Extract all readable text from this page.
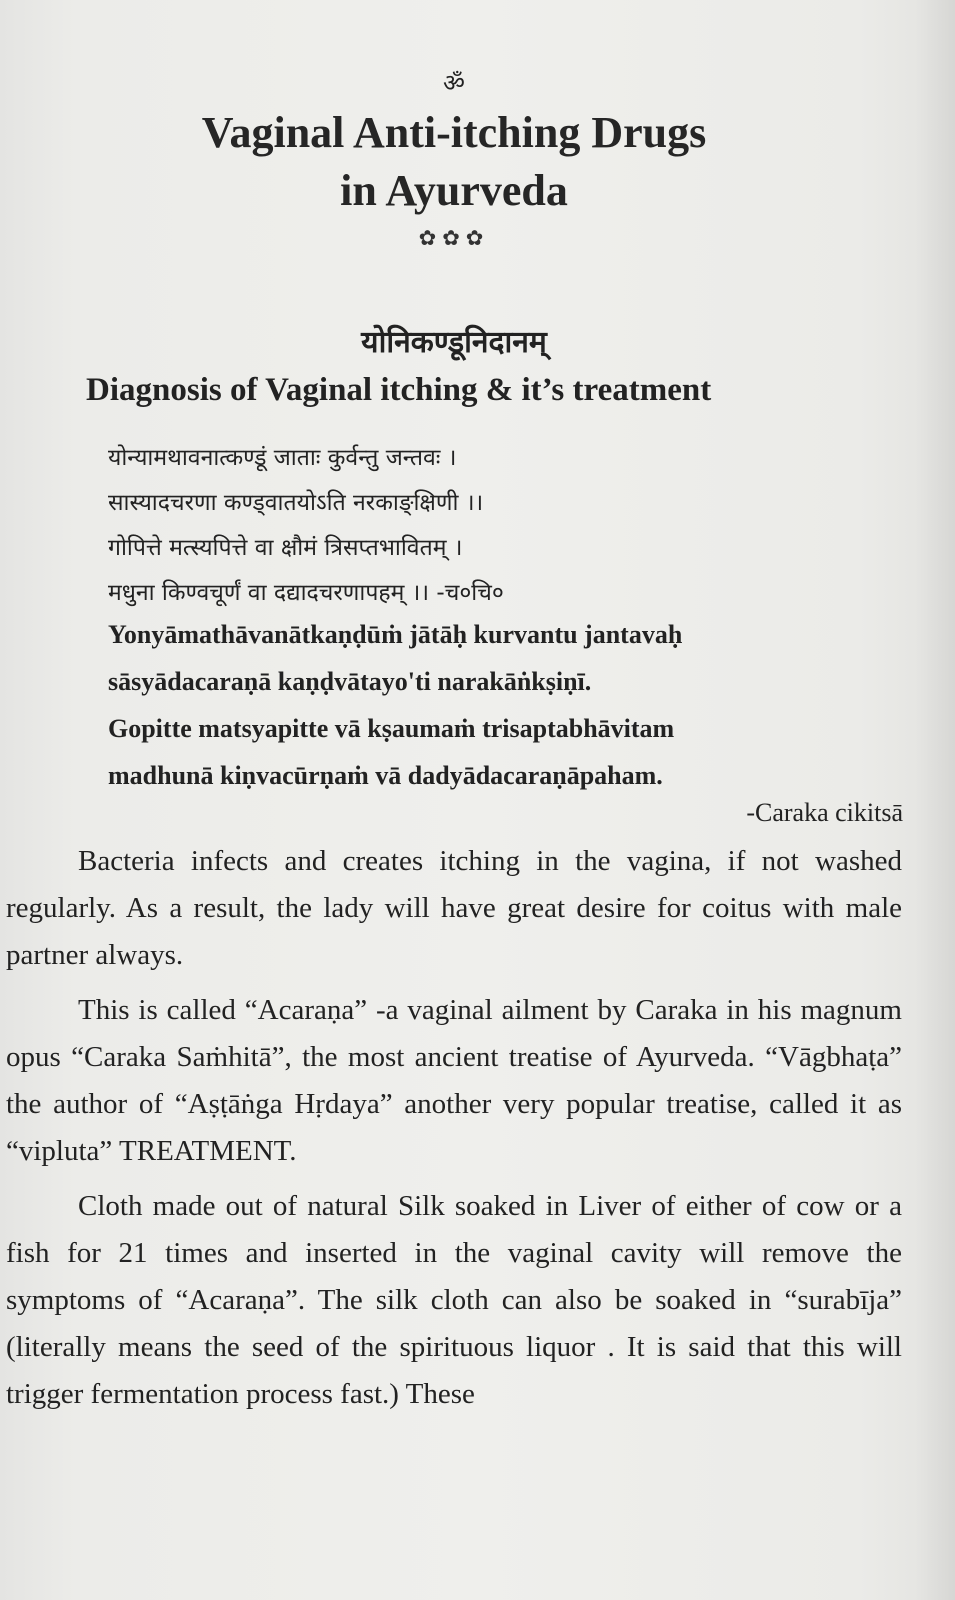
ॐ
Vaginal Anti-itching Drugs
in Ayurveda
✿✿✿
योनिकण्डूनिदानम्
Diagnosis of Vaginal itching & it’s treatment
योन्यामथावनात्कण्डूं जाताः कुर्वन्तु जन्तवः ।
सास्यादचरणा कण्ड्वातयोऽति नरकाङ्क्षिणी ।।
गोपित्ते मत्स्यपित्ते वा क्षौमं त्रिसप्तभावितम् ।
मधुना किण्वचूर्णं वा दद्यादचरणापहम् ।। -च०चि०
Yonyāmathāvanātkaṇḍūṁ jātāḥ kurvantu jantavaḥ
sāsyādacaraṇā kaṇḍvātayo'ti narakāṅkṣiṇī.
Gopitte matsyapitte vā kṣaumaṁ trisaptabhāvitam
madhunā kiṇvacūrṇaṁ vā dadyādacaraṇāpaham.
-Caraka cikitsā

Bacteria infects and creates itching in the vagina, if not washed regularly. As a result, the lady will have great desire for coitus with male partner always.

This is called “Acaraṇa” -a vaginal ailment by Caraka in his magnum opus “Caraka Saṁhitā”, the most ancient treatise of Ayurveda. “Vāgbhaṭa” the author of “Aṣṭāṅga Hṛdaya” another very popular treatise, called it as “vipluta” TREATMENT.

Cloth made out of natural Silk soaked in Liver of either of cow or a fish for 21 times and inserted in the vaginal cavity will remove the symptoms of “Acaraṇa”. The silk cloth can also be soaked in “surabīja” (literally means the seed of the spirituous liquor . It is said that this will trigger fermentation process fast.) These
